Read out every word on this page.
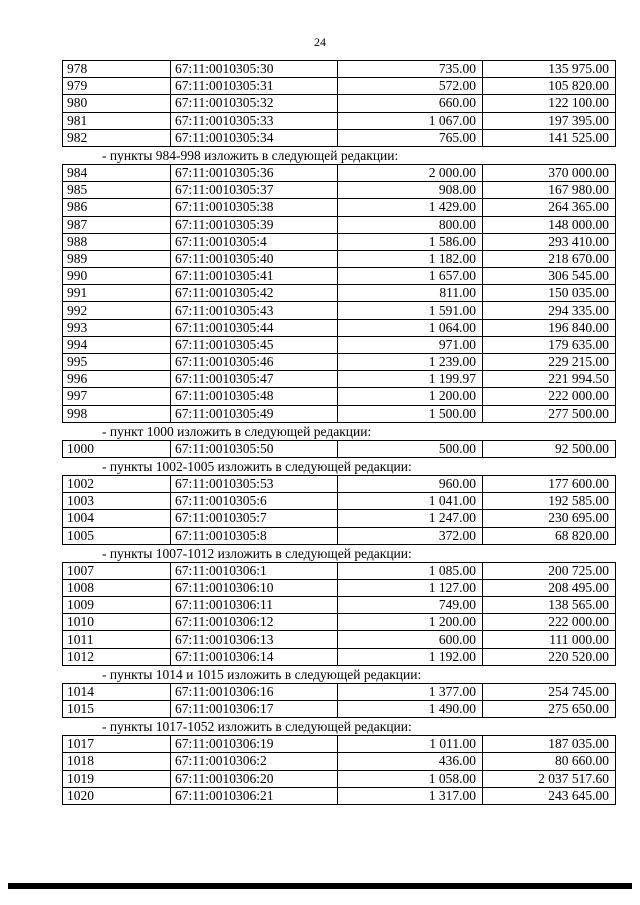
24
978	67:11:0010305:30	735.00	135 975.00
979	67:11:0010305:31	572.00	105 820.00
980	67:11:0010305:32	660.00	122 100.00
981	67:11:0010305:33	1 067.00	197 395.00
982	67:11:0010305:34	765.00	141 525.00
- пункты 984-998 изложить в следующей редакции:
984	67:11:0010305:36	2 000.00	370 000.00
985	67:11:0010305:37	908.00	167 980.00
986	67:11:0010305:38	1 429.00	264 365.00
987	67:11:0010305:39	800.00	148 000.00
988	67:11:0010305:4	1 586.00	293 410.00
989	67:11:0010305:40	1 182.00	218 670.00
990	67:11:0010305:41	1 657.00	306 545.00
991	67:11:0010305:42	811.00	150 035.00
992	67:11:0010305:43	1 591.00	294 335.00
993	67:11:0010305:44	1 064.00	196 840.00
994	67:11:0010305:45	971.00	179 635.00
995	67:11:0010305:46	1 239.00	229 215.00
996	67:11:0010305:47	1 199.97	221 994.50
997	67:11:0010305:48	1 200.00	222 000.00
998	67:11:0010305:49	1 500.00	277 500.00
- пункт 1000 изложить в следующей редакции:
1000	67:11:0010305:50	500.00	92 500.00
- пункты 1002-1005 изложить в следующей редакции:
1002	67:11:0010305:53	960.00	177 600.00
1003	67:11:0010305:6	1 041.00	192 585.00
1004	67:11:0010305:7	1 247.00	230 695.00
1005	67:11:0010305:8	372.00	68 820.00
- пункты 1007-1012 изложить в следующей редакции:
1007	67:11:0010306:1	1 085.00	200 725.00
1008	67:11:0010306:10	1 127.00	208 495.00
1009	67:11:0010306:11	749.00	138 565.00
1010	67:11:0010306:12	1 200.00	222 000.00
1011	67:11:0010306:13	600.00	111 000.00
1012	67:11:0010306:14	1 192.00	220 520.00
- пункты 1014 и 1015 изложить в следующей редакции:
1014	67:11:0010306:16	1 377.00	254 745.00
1015	67:11:0010306:17	1 490.00	275 650.00
- пункты 1017-1052 изложить в следующей редакции:
1017	67:11:0010306:19	1 011.00	187 035.00
1018	67:11:0010306:2	436.00	80 660.00
1019	67:11:0010306:20	1 058.00	2 037 517.60
1020	67:11:0010306:21	1 317.00	243 645.00
